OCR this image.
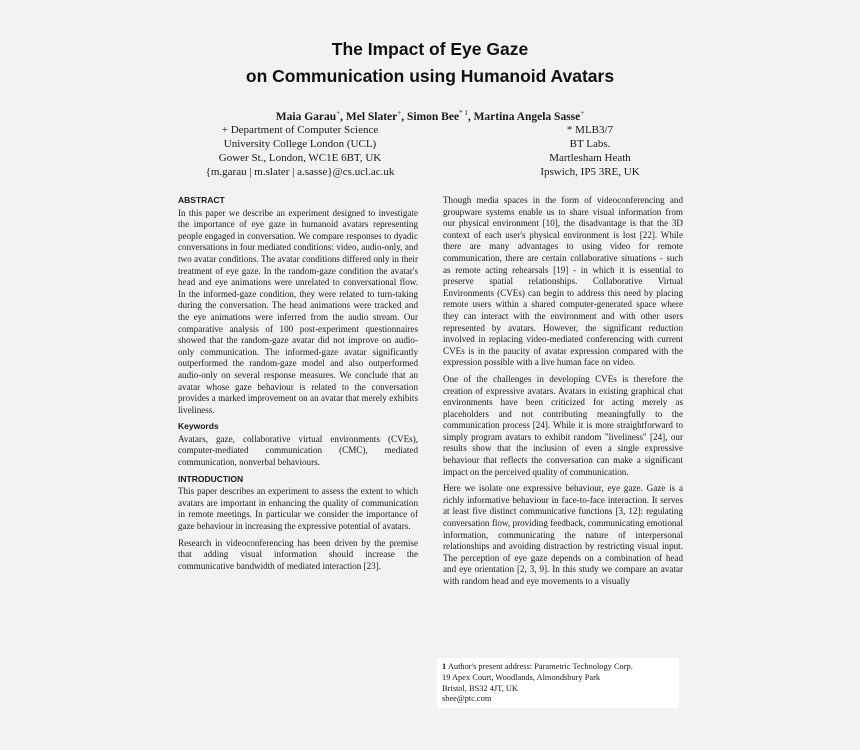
The Impact of Eye Gaze
on Communication using Humanoid Avatars
Maia Garau+, Mel Slater+, Simon Bee$^{* 1}$, Martina Angela Sasse+
+ Department of Computer Science
University College London (UCL)
Gower St., London, WC1E 6BT, UK
{m.garau | m.slater | a.sasse}@cs.ucl.ac.uk
* MLB3/7
BT Labs.
Martlesham Heath
Ipswich, IP5 3RE, UK
ABSTRACT

In this paper we describe an experiment designed to investigate the importance of eye gaze in humanoid avatars representing people engaged in conversation. We compare responses to dyadic conversations in four mediated conditions: video, audio-only, and two avatar conditions. The avatar conditions differed only in their treatment of eye gaze. In the random-gaze condition the avatar's head and eye animations were unrelated to conversational flow. In the informed-gaze condition, they were related to turn-taking during the conversation. The head animations were tracked and the eye animations were inferred from the audio stream. Our comparative analysis of 100 post-experiment questionnaires showed that the random-gaze avatar did not improve on audio-only communication. The informed-gaze avatar significantly outperformed the random-gaze model and also outperformed audio-only on several response measures. We conclude that an avatar whose gaze behaviour is related to the conversation provides a marked improvement on an avatar that merely exhibits liveliness.

Keywords

Avatars, gaze, collaborative virtual environments (CVEs), computer-mediated communication (CMC), mediated communication, nonverbal behaviours.

INTRODUCTION

This paper describes an experiment to assess the extent to which avatars are important in enhancing the quality of communication in remote meetings. In particular we consider the importance of gaze behaviour in increasing the expressive potential of avatars.

Research in videoconferencing has been driven by the premise that adding visual information should increase the communicative bandwidth of mediated interaction [23].

Though media spaces in the form of videoconferencing and groupware systems enable us to share visual information from our physical environment [10], the disadvantage is that the 3D context of each user's physical environment is lost [22]. While there are many advantages to using video for remote communication, there are certain collaborative situations - such as remote acting rehearsals [19] - in which it is essential to preserve spatial relationships. Collaborative Virtual Environments (CVEs) can begin to address this need by placing remote users within a shared computer-generated space where they can interact with the environment and with other users represented by avatars. However, the significant reduction involved in replacing video-mediated conferencing with current CVEs is in the paucity of avatar expression compared with the expression possible with a live human face on video.

One of the challenges in developing CVEs is therefore the creation of expressive avatars. Avatars in existing graphical chat environments have been criticized for acting merely as placeholders and not contributing meaningfully to the communication process [24]. While it is more straightforward to simply program avatars to exhibit random "liveliness" [24], our results show that the inclusion of even a single expressive behaviour that reflects the conversation can make a significant impact on the perceived quality of communication.

Here we isolate one expressive behaviour, eye gaze. Gaze is a richly informative behaviour in face-to-face interaction. It serves at least five distinct communicative functions [3, 12]: regulating conversation flow, providing feedback, communicating emotional information, communicating the nature of interpersonal relationships and avoiding distraction by restricting visual input. The perception of eye gaze depends on a combination of head and eye orientation [2, 3, 9]. In this study we compare an avatar with random head and eye movements to a visually

1 Author's present address: Parametric Technology Corp.
19 Apex Court, Woodlands, Almondsbury Park
Bristol, BS32 4JT, UK
sbee@ptc.com
